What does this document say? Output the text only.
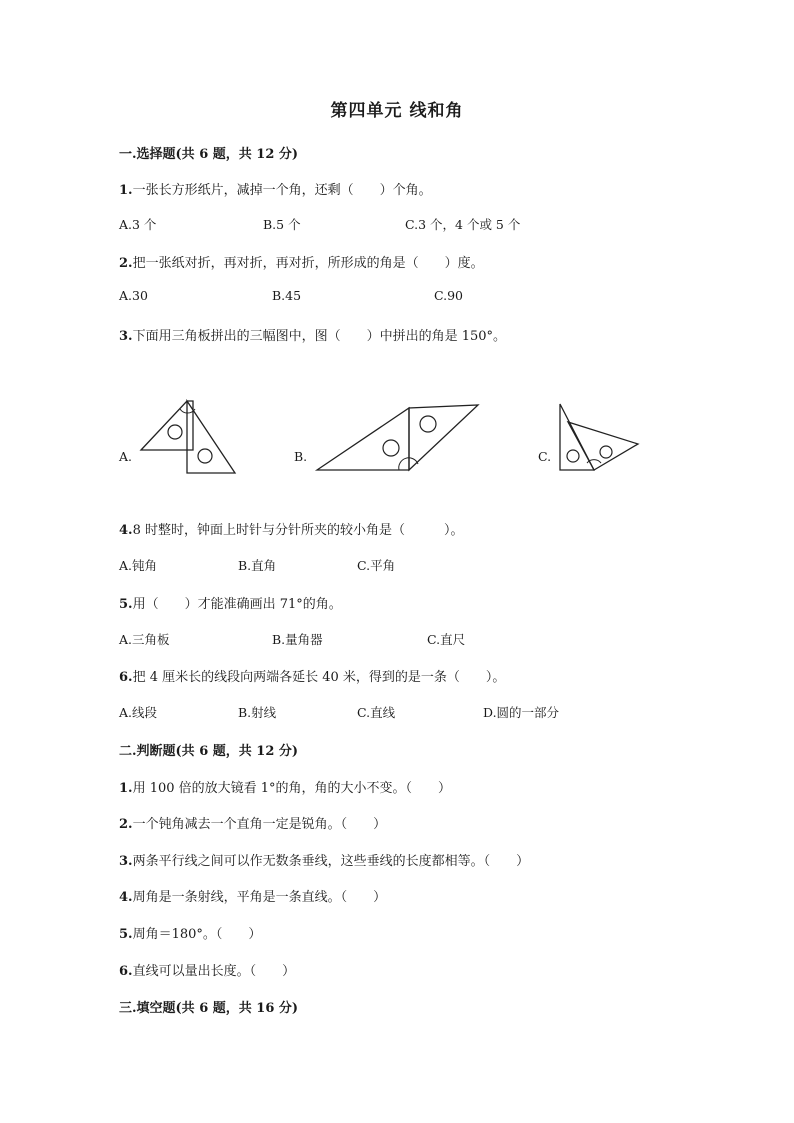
第四单元 线和角
一.选择题(共 6 题，共 12 分)
1.一张长方形纸片，减掉一个角，还剩（　　）个角。
A.3 个	B.5 个	C.3 个，4 个或 5 个
2.把一张纸对折，再对折，再对折，所形成的角是（　　）度。
A.30	B.45	C.90
3.下面用三角板拼出的三幅图中，图（　　）中拼出的角是 150°。
A.	B.	C.
4.8 时整时，钟面上时针与分针所夹的较小角是（　　　）。
A.钝角	B.直角	C.平角
5.用（　　）才能准确画出 71°的角。
A.三角板	B.量角器	C.直尺
6.把 4 厘米长的线段向两端各延长 40 米，得到的是一条（　　）。
A.线段	B.射线	C.直线	D.圆的一部分
二.判断题(共 6 题，共 12 分)
1.用 100 倍的放大镜看 1°的角，角的大小不变。（　　）
2.一个钝角减去一个直角一定是锐角。（　　）
3.两条平行线之间可以作无数条垂线，这些垂线的长度都相等。（　　）
4.周角是一条射线，平角是一条直线。（　　）
5.周角＝180°。（　　）
6.直线可以量出长度。（　　）
三.填空题(共 6 题，共 16 分)
